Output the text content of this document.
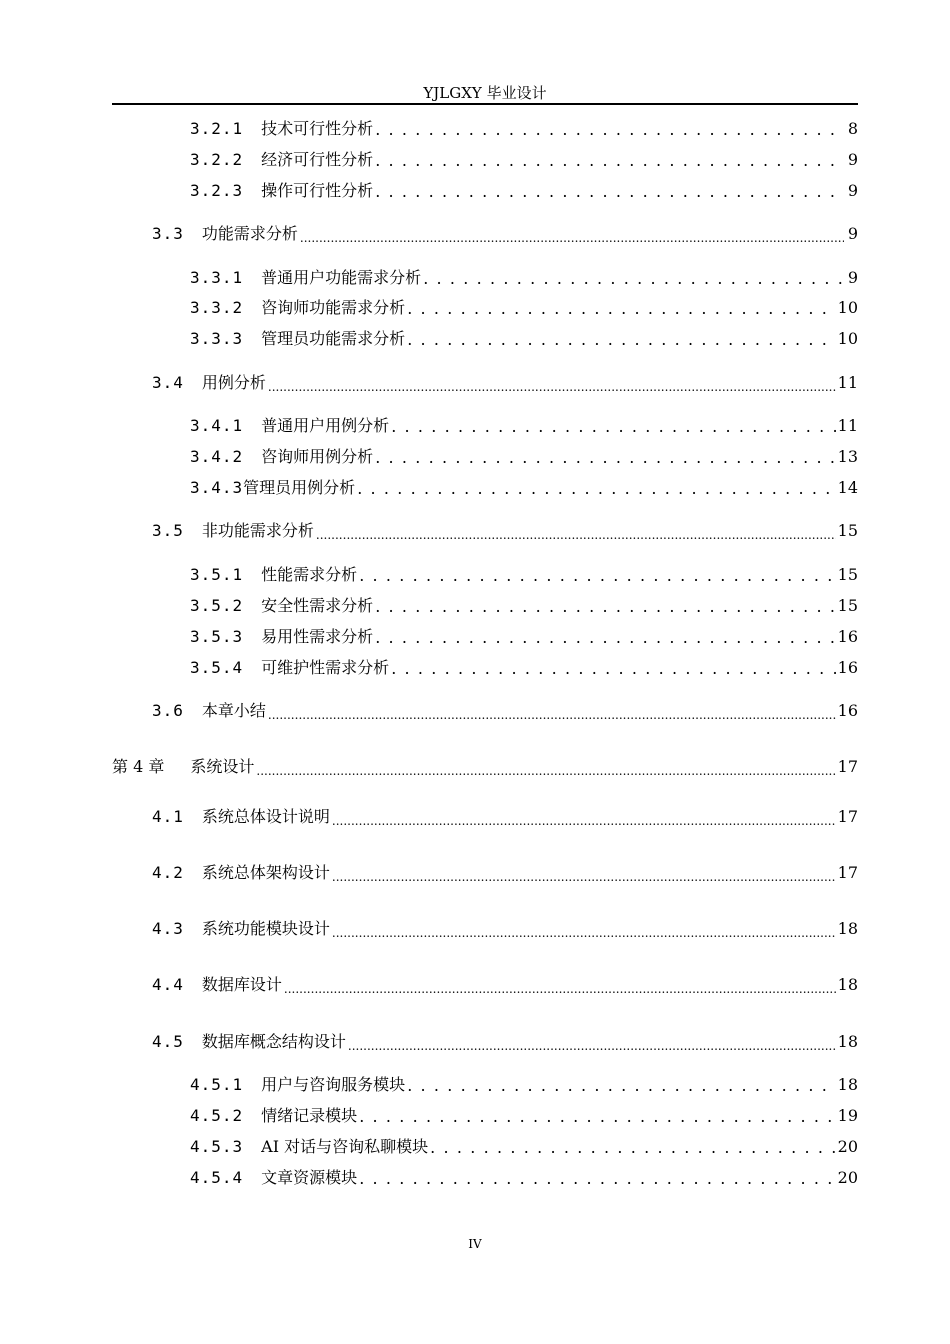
YJLGXY 毕业设计
3.2.1 技术可行性分析 . . .	8
3.2.2 经济可行性分析 . . .	9
3.2.3 操作可行性分析 . . .	9
3.3 功能需求分析 .....	9
3.3.1 普通用户功能需求分析 . . .	9
3.3.2 咨询师功能需求分析 . . .	10
3.3.3 管理员功能需求分析 . . .	10
3.4 用例分析 .....	11
3.4.1 普通用户用例分析 . . .	11
3.4.2 咨询师用例分析 . . .	13
3.4.3 管理员用例分析 . . .	14
3.5 非功能需求分析 .....	15
3.5.1 性能需求分析 . . .	15
3.5.2 安全性需求分析 . . .	15
3.5.3 易用性需求分析 . . .	16
3.5.4 可维护性需求分析 . . .	16
3.6 本章小结 .....	16
第 4 章 系统设计 .....	17
4.1 系统总体设计说明 .....	17
4.2 系统总体架构设计 .....	17
4.3 系统功能模块设计 .....	18
4.4 数据库设计 .....	18
4.5 数据库概念结构设计 .....	18
4.5.1 用户与咨询服务模块 . . .	18
4.5.2 情绪记录模块 . . .	19
4.5.3 AI 对话与咨询私聊模块 . . .	20
4.5.4 文章资源模块 . . .	20
IV
